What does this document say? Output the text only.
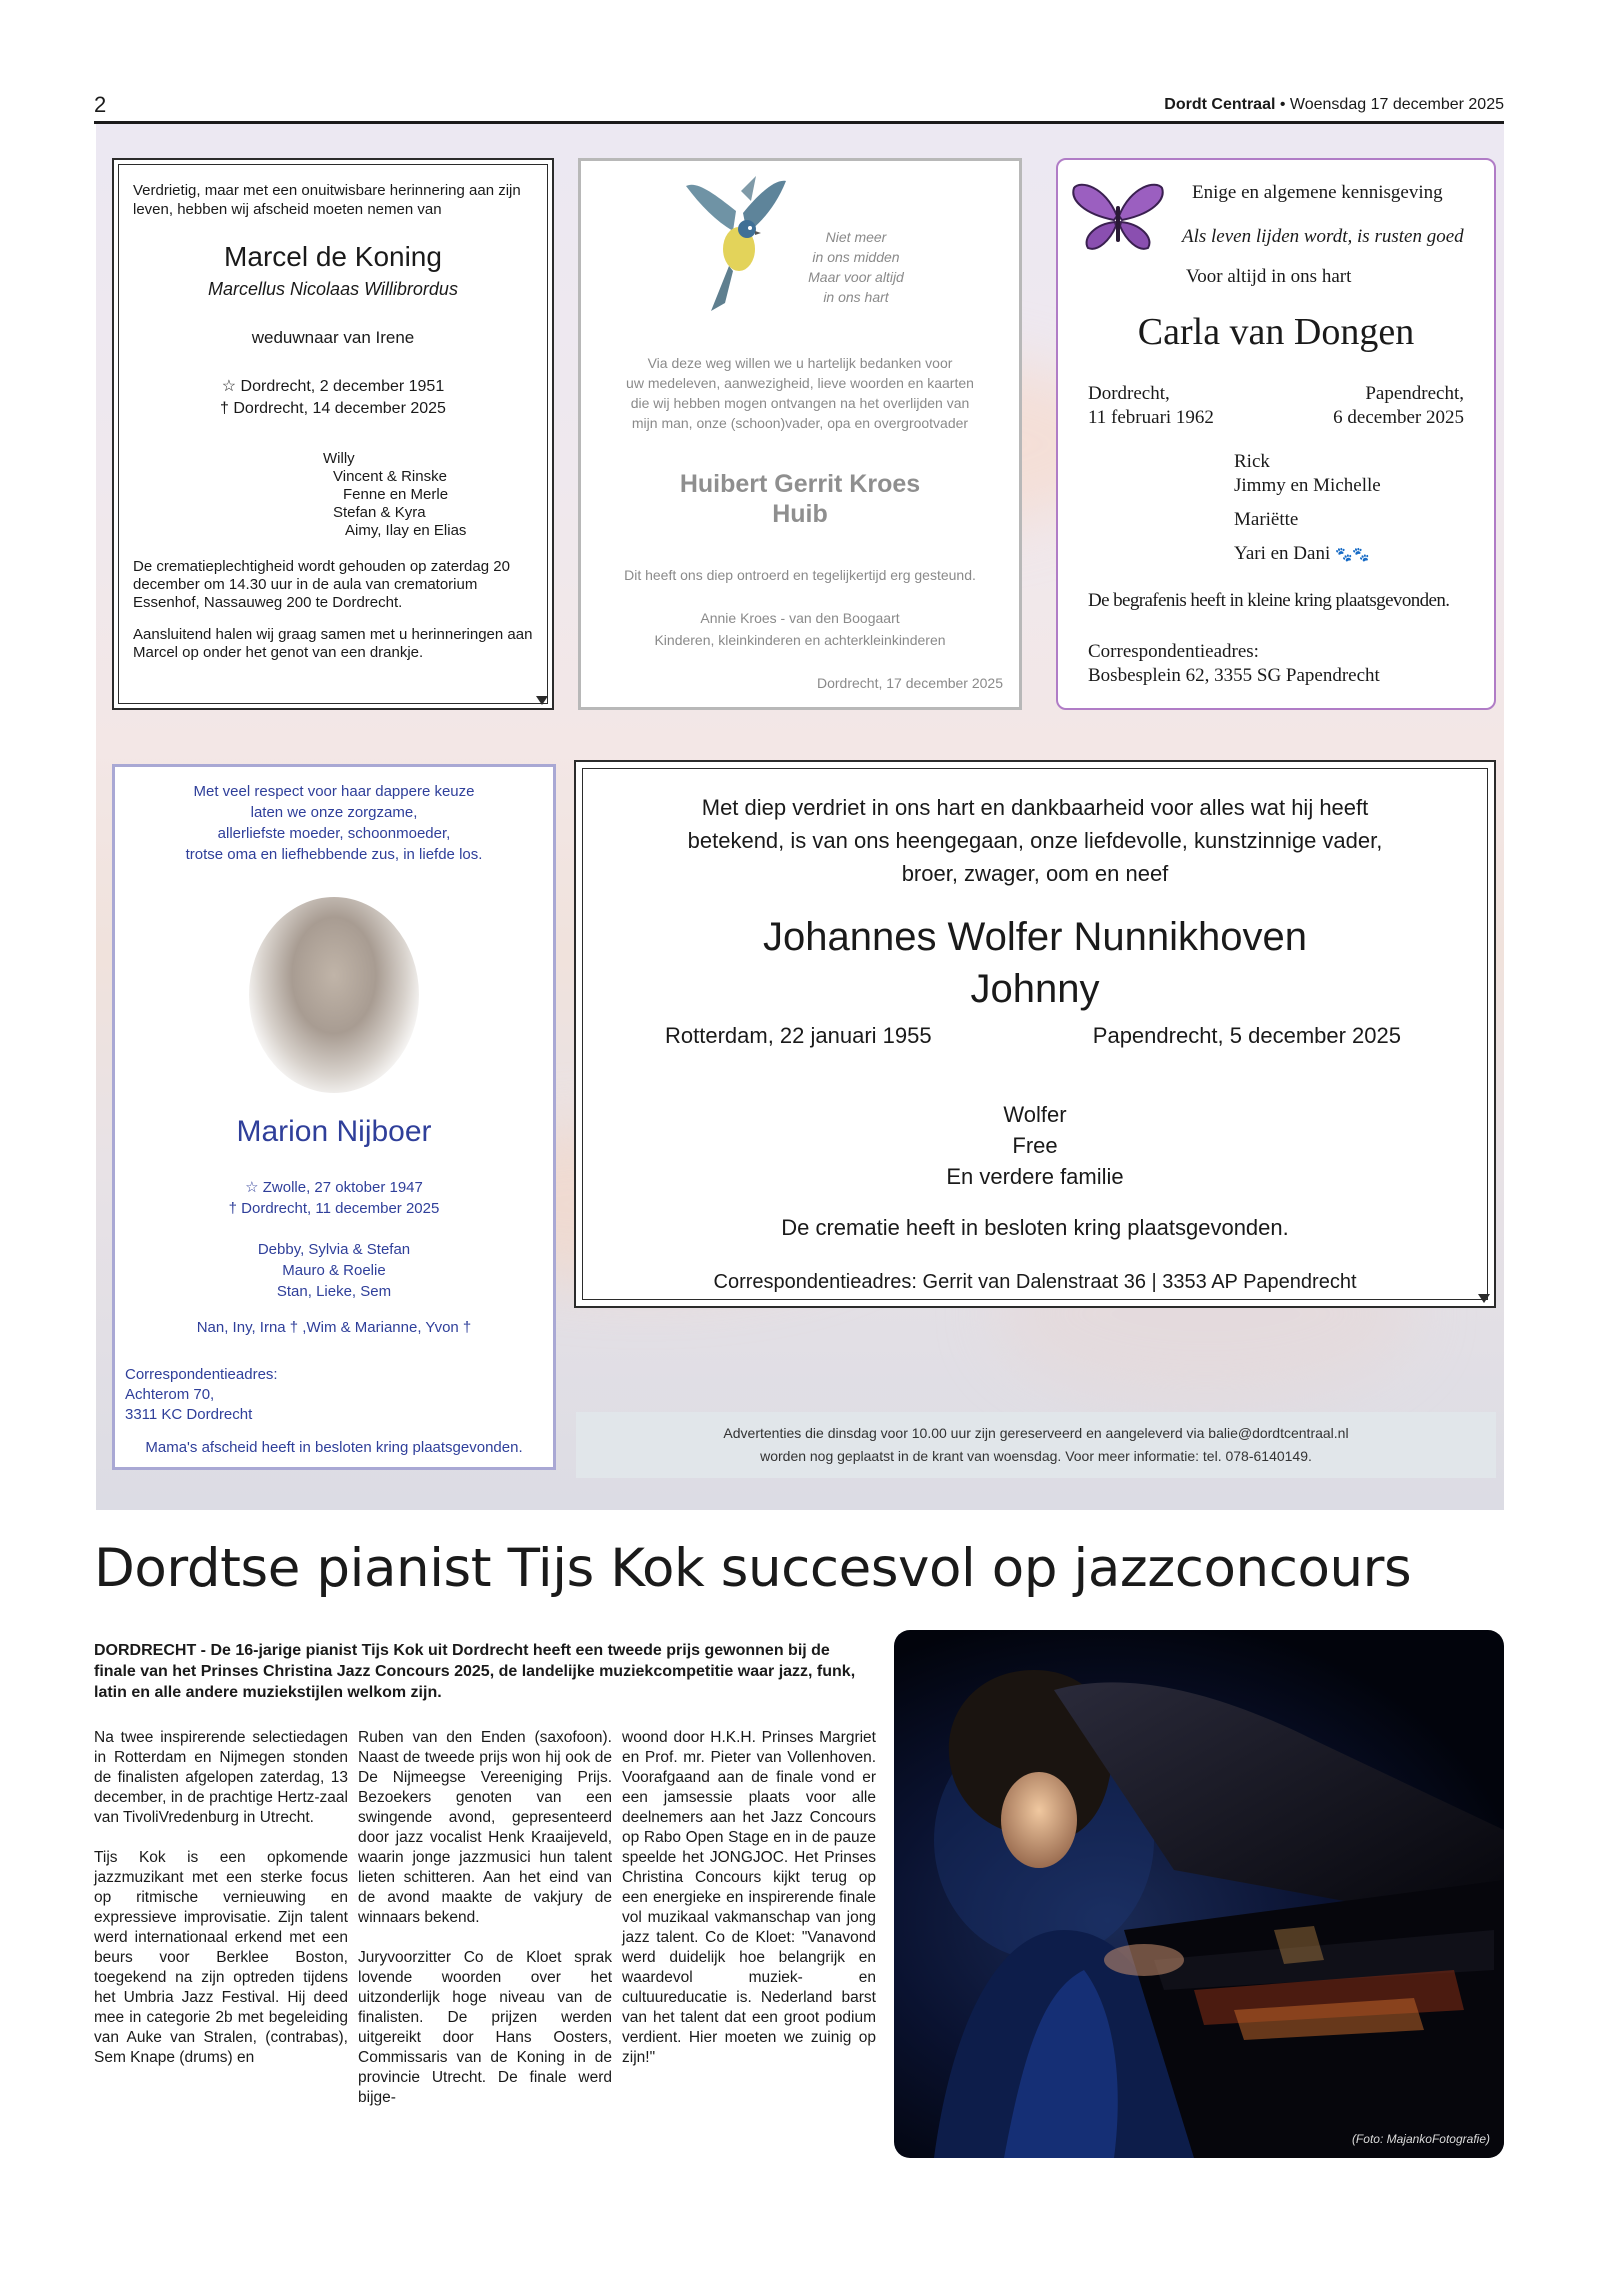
2	Dordt Centraal • Woensdag 17 december 2025
Verdrietig, maar met een onuitwisbare herinnering aan zijn leven, hebben wij afscheid moeten nemen van
Marcel de Koning
Marcellus Nicolaas Willibrordus
weduwnaar van Irene
☆ Dordrecht, 2 december 1951
† Dordrecht, 14 december 2025
Willy
Vincent & Rinske
Fenne en Merle
Stefan & Kyra
Aimy, Ilay en Elias
De crematieplechtigheid wordt gehouden op zaterdag 20 december om 14.30 uur in de aula van crematorium Essenhof, Nassauweg 200 te Dordrecht.
Aansluitend halen wij graag samen met u herinneringen aan Marcel op onder het genot van een drankje.
Niet meer
in ons midden
Maar voor altijd
in ons hart
Via deze weg willen we u hartelijk bedanken voor
uw medeleven, aanwezigheid, lieve woorden en kaarten
die wij hebben mogen ontvangen na het overlijden van
mijn man, onze (schoon)vader, opa en overgrootvader
Huibert Gerrit Kroes
Huib
Dit heeft ons diep ontroerd en tegelijkertijd erg gesteund.
Annie Kroes - van den Boogaart
Kinderen, kleinkinderen en achterkleinkinderen
Dordrecht, 17 december 2025
Enige en algemene kennisgeving
Als leven lijden wordt, is rusten goed
Voor altijd in ons hart
Carla van Dongen
Dordrecht,
11 februari 1962
Papendrecht,
6 december 2025
Rick
Jimmy en Michelle
Mariëtte
Yari en Dani 🐾🐾
De begrafenis heeft in kleine kring plaatsgevonden.
Correspondentieadres:
Bosbesplein 62, 3355 SG Papendrecht
Met veel respect voor haar dappere keuze
laten we onze zorgzame,
allerliefste moeder, schoonmoeder,
trotse oma en liefhebbende zus, in liefde los.
Marion Nijboer
☆ Zwolle, 27 oktober 1947
† Dordrecht, 11 december 2025
Debby, Sylvia & Stefan
Mauro & Roelie
Stan, Lieke, Sem
Nan, Iny, Irna † ,Wim & Marianne, Yvon †
Correspondentieadres:
Achterom 70,
3311 KC Dordrecht
Mama's afscheid heeft in besloten kring plaatsgevonden.
Met diep verdriet in ons hart en dankbaarheid voor alles wat hij heeft
betekend, is van ons heengegaan, onze liefdevolle, kunstzinnige vader,
broer, zwager, oom en neef
Johannes Wolfer Nunnikhoven
Johnny
Rotterdam, 22 januari 1955	Papendrecht, 5 december 2025
Wolfer
Free
En verdere familie
De crematie heeft in besloten kring plaatsgevonden.
Correspondentieadres: Gerrit van Dalenstraat 36 | 3353 AP Papendrecht
Advertenties die dinsdag voor 10.00 uur zijn gereserveerd en aangeleverd via balie@dordtcentraal.nl
worden nog geplaatst in de krant van woensdag. Voor meer informatie: tel. 078-6140149.
Dordtse pianist Tijs Kok succesvol op jazzconcours
DORDRECHT - De 16-jarige pianist Tijs Kok uit Dordrecht heeft een tweede prijs gewonnen bij de finale van het Prinses Christina Jazz Concours 2025, de landelijke muziekcompetitie waar jazz, funk, latin en alle andere muziekstijlen welkom zijn.

Na twee inspirerende selectiedagen in Rotterdam en Nijmegen stonden de finalisten afgelopen zaterdag, 13 december, in de prachtige Hertz-zaal van TivoliVredenburg in Utrecht.

Tijs Kok is een opkomende jazzmuzikant met een sterke focus op ritmische vernieuwing en expressieve improvisatie. Zijn talent werd internationaal erkend met een beurs voor Berklee Boston, toegekend na zijn optreden tijdens het Umbria Jazz Festival. Hij deed mee in categorie 2b met begeleiding van Auke van Stralen, (contrabas), Sem Knape (drums) en

Ruben van den Enden (saxofoon). Naast de tweede prijs won hij ook de De Nijmeegse Vereeniging Prijs. Bezoekers genoten van een swingende avond, gepresenteerd door jazz vocalist Henk Kraaijeveld, waarin jonge jazzmusici hun talent lieten schitteren. Aan het eind van de avond maakte de vakjury de winnaars bekend.

Juryvoorzitter Co de Kloet sprak lovende woorden over het uitzonderlijk hoge niveau van de finalisten. De prijzen werden uitgereikt door Hans Oosters, Commissaris van de Koning in de provincie Utrecht. De finale werd bijge-

woond door H.K.H. Prinses Margriet en Prof. mr. Pieter van Vollenhoven. Voorafgaand aan de finale vond er een jamsessie plaats voor alle deelnemers aan het Jazz Concours op Rabo Open Stage en in de pauze speelde het JONGJOC. Het Prinses Christina Concours kijkt terug op een energieke en inspirerende finale vol muzikaal vakmanschap van jong jazz talent. Co de Kloet: "Vanavond werd duidelijk hoe belangrijk en waardevol muziek- en cultuureducatie is. Nederland barst van het talent dat een groot podium verdient. Hier moeten we zuinig op zijn!"

(Foto: MajankoFotografie)
